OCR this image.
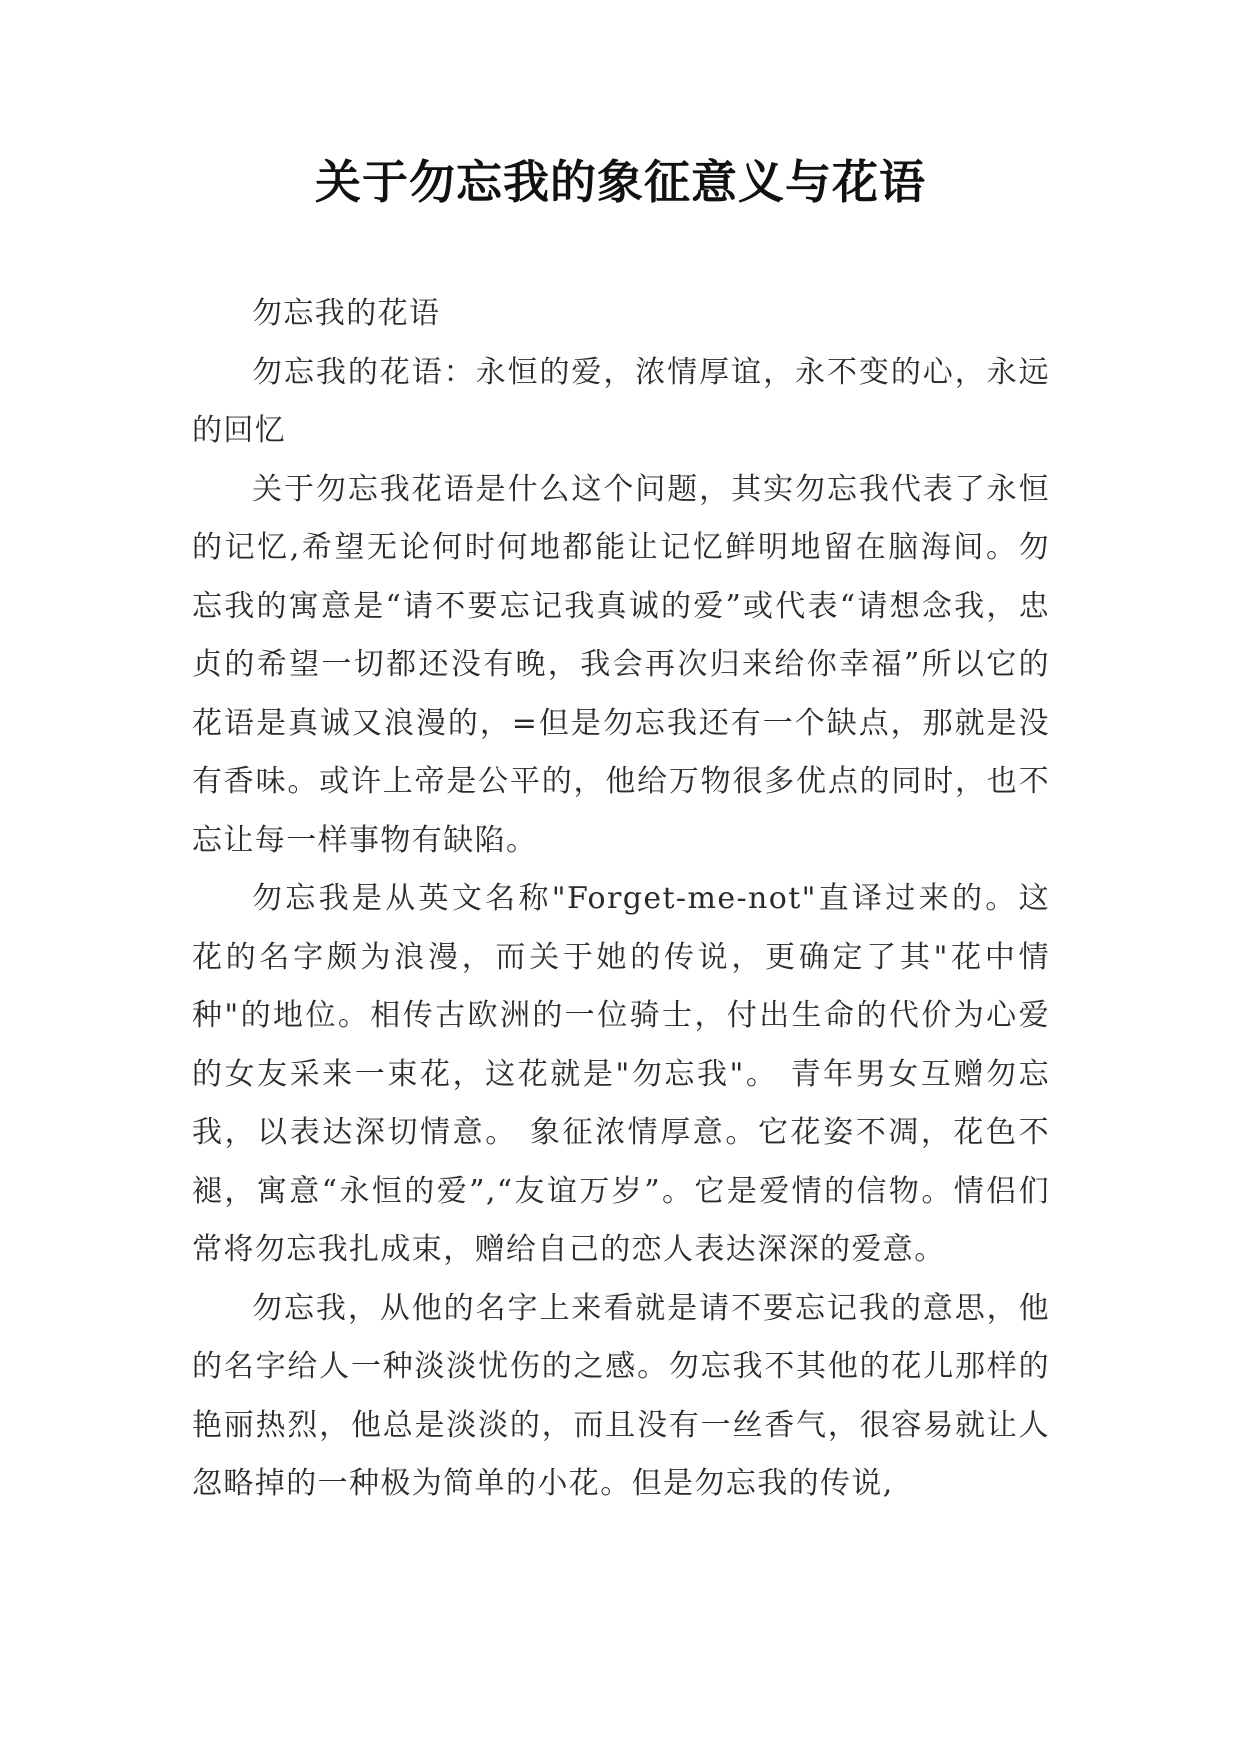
关于勿忘我的象征意义与花语

勿忘我的花语

勿忘我的花语：永恒的爱，浓情厚谊，永不变的心，永远的回忆

关于勿忘我花语是什么这个问题，其实勿忘我代表了永恒的记忆,希望无论何时何地都能让记忆鲜明地留在脑海间。勿忘我的寓意是“请不要忘记我真诚的爱”或代表“请想念我，忠贞的希望一切都还没有晚，我会再次归来给你幸福”所以它的花语是真诚又浪漫的，=但是勿忘我还有一个缺点，那就是没有香味。或许上帝是公平的，他给万物很多优点的同时，也不忘让每一样事物有缺陷。

勿忘我是从英文名称"Forget-me-not"直译过来的。这花的名字颇为浪漫，而关于她的传说，更确定了其"花中情种"的地位。相传古欧洲的一位骑士，付出生命的代价为心爱的女友采来一束花，这花就是"勿忘我"。 青年男女互赠勿忘我，以表达深切情意。 象征浓情厚意。它花姿不凋，花色不褪，寓意“永恒的爱”,“友谊万岁”。它是爱情的信物。情侣们常将勿忘我扎成束，赠给自己的恋人表达深深的爱意。

勿忘我，从他的名字上来看就是请不要忘记我的意思，他的名字给人一种淡淡忧伤的之感。勿忘我不其他的花儿那样的艳丽热烈，他总是淡淡的，而且没有一丝香气，很容易就让人忽略掉的一种极为简单的小花。但是勿忘我的传说,
